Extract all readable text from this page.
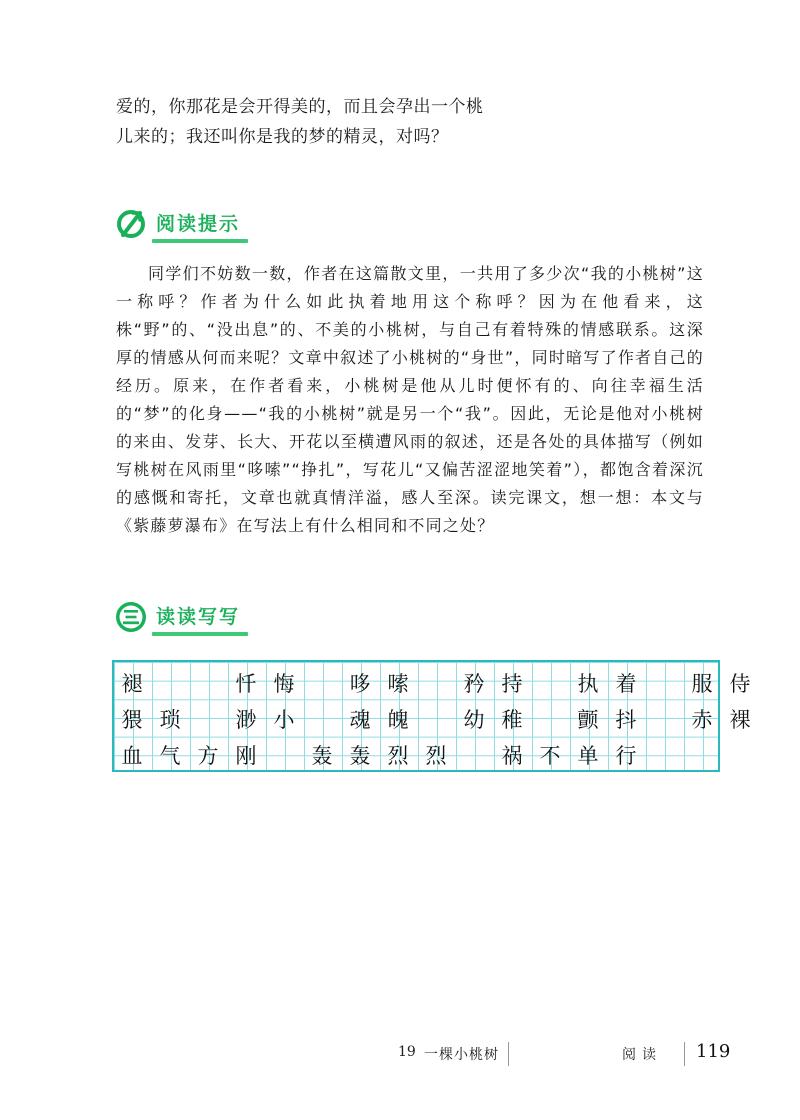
爱的，你那花是会开得美的，而且会孕出一个桃
儿来的；我还叫你是我的梦的精灵，对吗？
阅读提示

同学们不妨数一数，作者在这篇散文里，一共用了多少次“我的小桃树”这一称呼？作者为什么如此执着地用这个称呼？因为在他看来，这株“野”的、“没出息”的、不美的小桃树，与自己有着特殊的情感联系。这深厚的情感从何而来呢？文章中叙述了小桃树的“身世”，同时暗写了作者自己的经历。原来，在作者看来，小桃树是他从儿时便怀有的、向往幸福生活的“梦”的化身——“我的小桃树”就是另一个“我”。因此，无论是他对小桃树的来由、发芽、长大、开花以至横遭风雨的叙述，还是各处的具体描写（例如写桃树在风雨里“哆嗦”“挣扎”，写花儿“又偏苦涩涩地笑着”），都饱含着深沉的感慨和寄托，文章也就真情洋溢，感人至深。读完课文，想一想：本文与《紫藤萝瀑布》在写法上有什么相同和不同之处？

读读写写
褪	忏 悔	哆 嗦	矜 持	执 着	服 侍
猥 琐	渺 小	魂 魄	幼 稚	颤 抖	赤 裸
血 气 方 刚	轰 轰 烈 烈	祸 不 单 行
19 一棵小桃树	阅读 119
